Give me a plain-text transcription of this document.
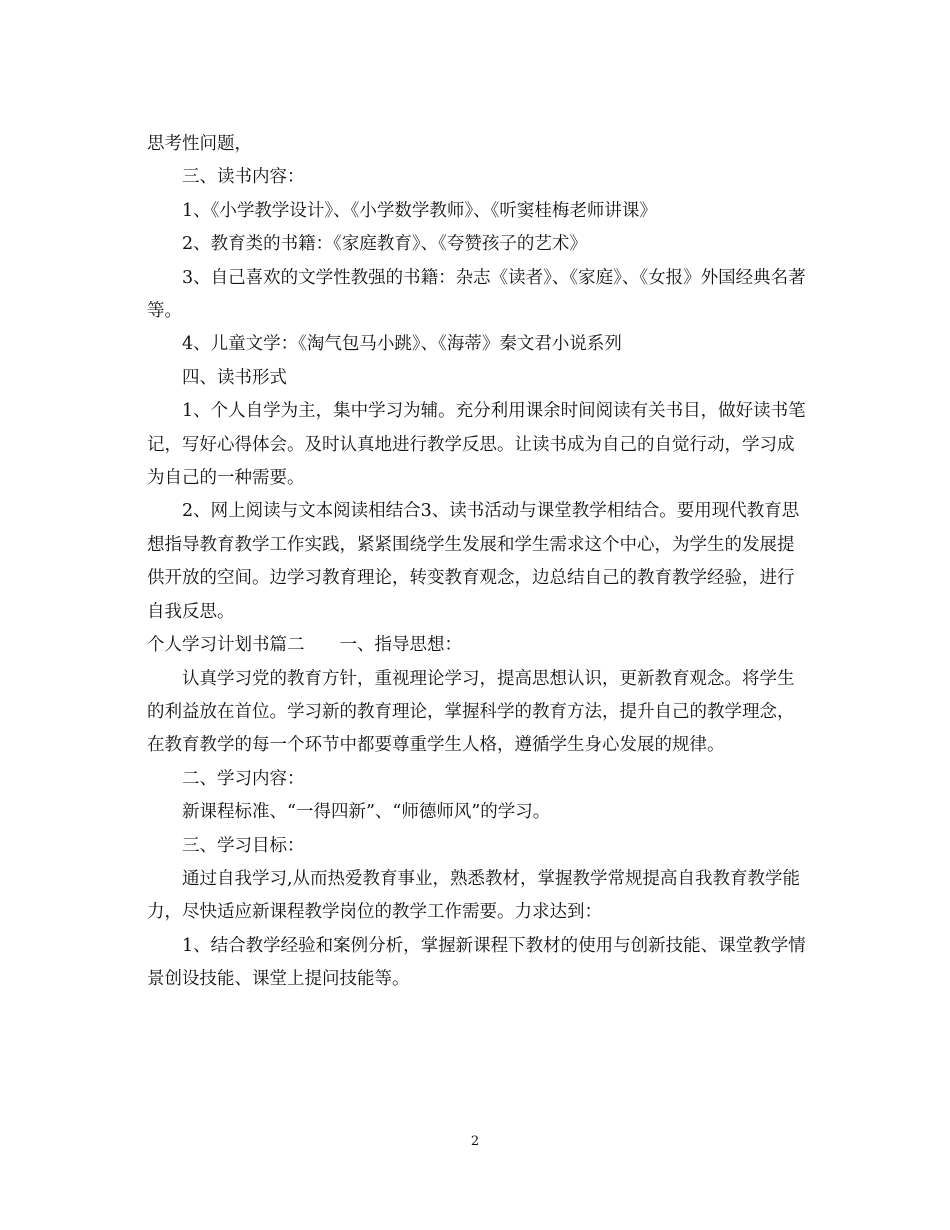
思考性问题，

三、读书内容：

1、《小学教学设计》、《小学数学教师》、《听窦桂梅老师讲课》

2、教育类的书籍：《家庭教育》、《夸赞孩子的艺术》

3、自己喜欢的文学性教强的书籍：杂志《读者》、《家庭》、《女报》外国经典名著等。

4、儿童文学：《淘气包马小跳》、《海蒂》秦文君小说系列

四、读书形式

1、个人自学为主，集中学习为辅。充分利用课余时间阅读有关书目，做好读书笔记，写好心得体会。及时认真地进行教学反思。让读书成为自己的自觉行动，学习成为自己的一种需要。

2、网上阅读与文本阅读相结合3、读书活动与课堂教学相结合。要用现代教育思想指导教育教学工作实践，紧紧围绕学生发展和学生需求这个中心，为学生的发展提供开放的空间。边学习教育理论，转变教育观念，边总结自己的教育教学经验，进行自我反思。

个人学习计划书篇二　　一、指导思想：

认真学习党的教育方针，重视理论学习，提高思想认识，更新教育观念。将学生的利益放在首位。学习新的教育理论，掌握科学的教育方法，提升自己的教学理念，在教育教学的每一个环节中都要尊重学生人格，遵循学生身心发展的规律。

二、学习内容：

新课程标准、“一得四新”、“师德师风”的学习。

三、学习目标：

通过自我学习,从而热爱教育事业，熟悉教材，掌握教学常规提高自我教育教学能力，尽快适应新课程教学岗位的教学工作需要。力求达到：

1、结合教学经验和案例分析，掌握新课程下教材的使用与创新技能、课堂教学情景创设技能、课堂上提问技能等。

2
